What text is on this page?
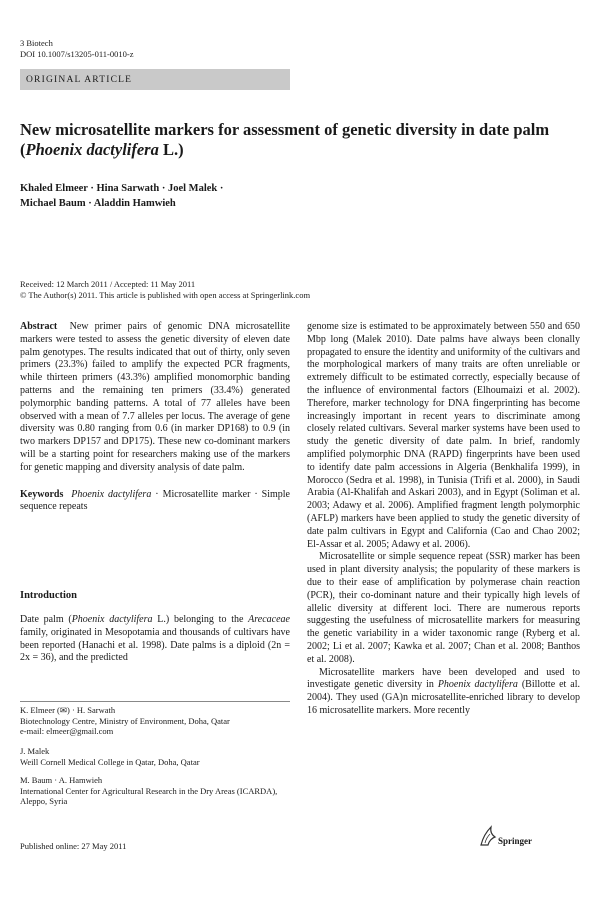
3 Biotech
DOI 10.1007/s13205-011-0010-z
ORIGINAL ARTICLE
New microsatellite markers for assessment of genetic diversity in date palm (Phoenix dactylifera L.)
Khaled Elmeer · Hina Sarwath · Joel Malek ·
Michael Baum · Aladdin Hamwieh
Received: 12 March 2011 / Accepted: 11 May 2011
© The Author(s) 2011. This article is published with open access at Springerlink.com

Abstract New primer pairs of genomic DNA microsatellite markers were tested to assess the genetic diversity of eleven date palm genotypes. The results indicated that out of thirty, only seven primers (23.3%) failed to amplify the expected PCR fragments, while thirteen primers (43.3%) amplified monomorphic banding patterns and the remaining ten primers (33.4%) generated polymorphic banding patterns. A total of 77 alleles have been observed with a mean of 7.7 alleles per locus. The average of gene diversity was 0.80 ranging from 0.6 (in marker DP168) to 0.9 (in two markers DP157 and DP175). These new co-dominant markers will be a starting point for researchers making use of the markers for genetic mapping and diversity analysis of date palm.

Keywords Phoenix dactylifera · Microsatellite marker · Simple sequence repeats

Introduction

Date palm (Phoenix dactylifera L.) belonging to the Arecaceae family, originated in Mesopotamia and thousands of cultivars have been reported (Hanachi et al. 1998). Date palms is a diploid (2n = 2x = 36), and the predicted

K. Elmeer (✉) · H. Sarwath
Biotechnology Centre, Ministry of Environment, Doha, Qatar
e-mail: elmeer@gmail.com
J. Malek
Weill Cornell Medical College in Qatar, Doha, Qatar
M. Baum · A. Hamwieh
International Center for Agricultural Research in the Dry Areas (ICARDA), Aleppo, Syria

genome size is estimated to be approximately between 550 and 650 Mbp long (Malek 2010). Date palms have always been clonally propagated to ensure the identity and uniformity of the cultivars and the morphological markers of many traits are often unreliable or extremely difficult to be estimated correctly, especially because of the influence of environmental factors (Elhoumaizi et al. 2002). Therefore, marker technology for DNA fingerprinting has become increasingly important in recent years to discriminate among closely related cultivars. Several marker systems have been used to study the genetic diversity of date palm. In brief, randomly amplified polymorphic DNA (RAPD) fingerprints have been used to identify date palm accessions in Algeria (Benkhalifa 1999), in Morocco (Sedra et al. 1998), in Tunisia (Trifi et al. 2000), in Saudi Arabia (Al-Khalifah and Askari 2003), and in Egypt (Soliman et al. 2003; Adawy et al. 2006). Amplified fragment length polymorphic (AFLP) markers have been applied to study the genetic diversity of date palm cultivars in Egypt and California (Cao and Chao 2002; El-Assar et al. 2005; Adawy et al. 2006).

Microsatellite or simple sequence repeat (SSR) marker has been used in plant diversity analysis; the popularity of these markers is due to their ease of amplification by polymerase chain reaction (PCR), their co-dominant nature and their typically high levels of allelic diversity at different loci. There are numerous reports suggesting the usefulness of microsatellite markers for measuring the genetic variability in a wider taxonomic range (Ryberg et al. 2002; Li et al. 2007; Kawka et al. 2007; Chan et al. 2008; Banthos et al. 2008).

Microsatellite markers have been developed and used to investigate genetic diversity in Phoenix dactylifera (Billotte et al. 2004). They used (GA)n microsatellite-enriched library to develop 16 microsatellite markers. More recently

Published online: 27 May 2011	Springer
